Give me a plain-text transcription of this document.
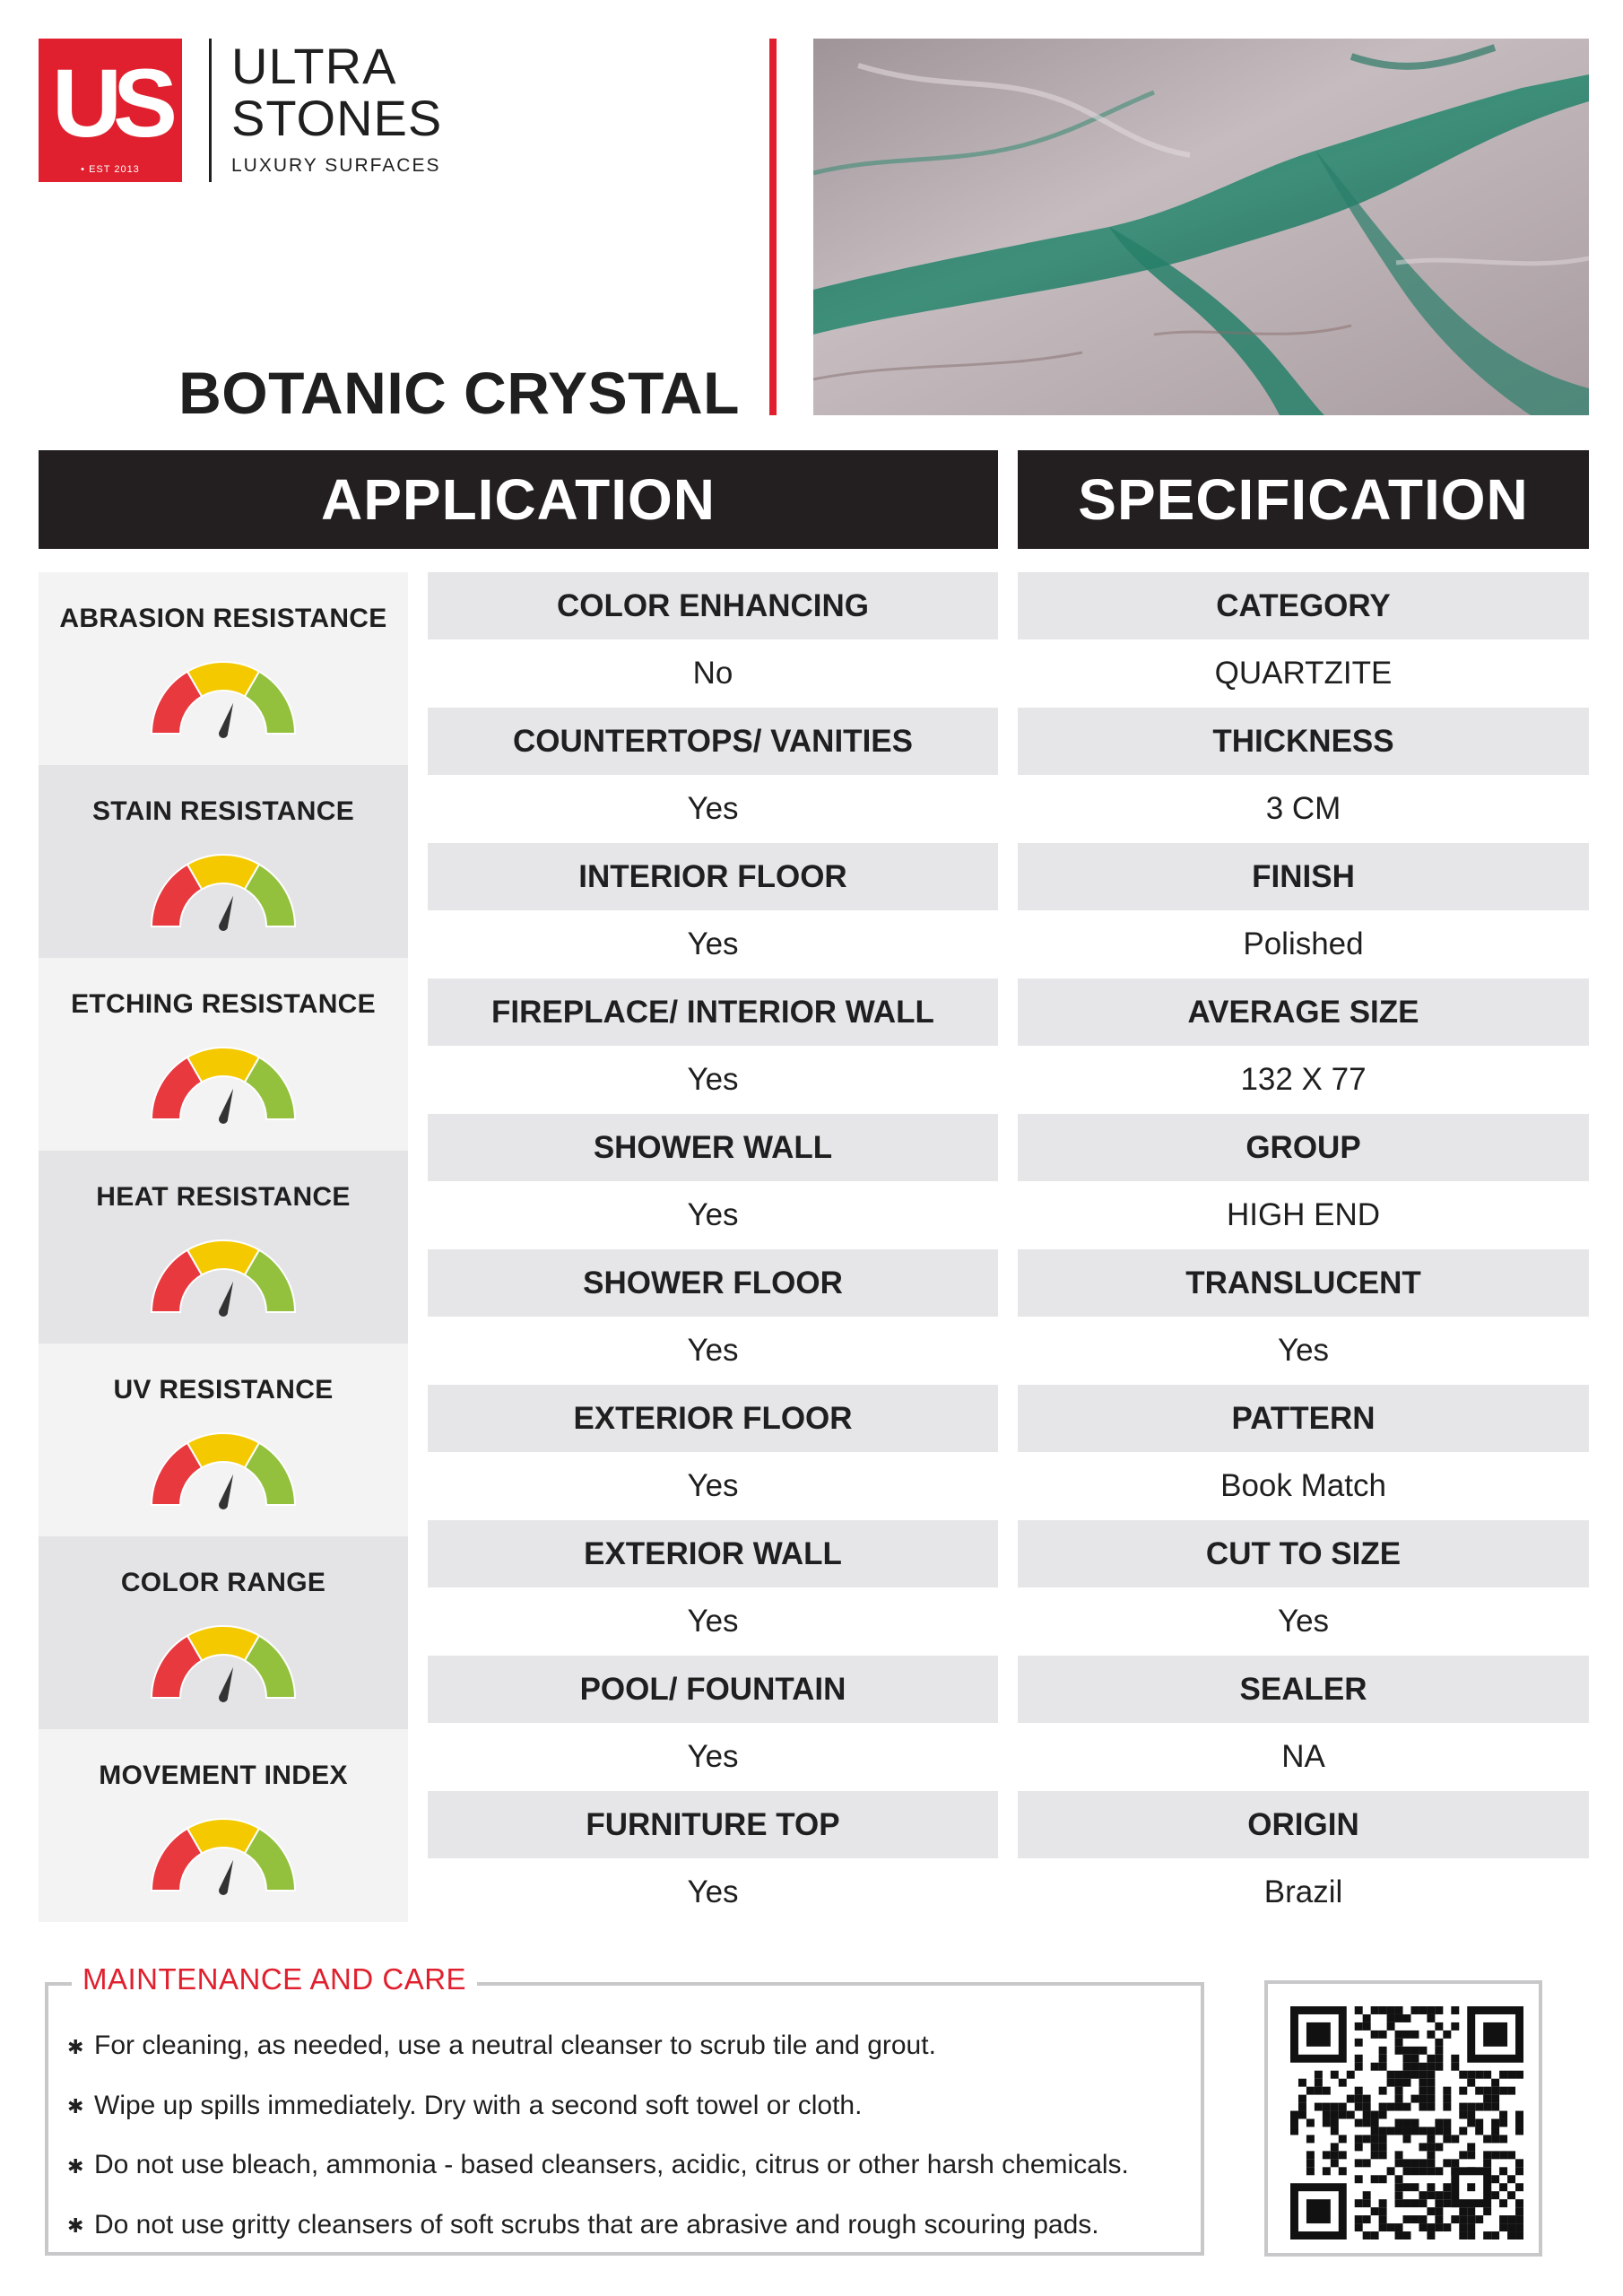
US
• EST 2013
ULTRA
STONES
LUXURY SURFACES
BOTANIC CRYSTAL
APPLICATION	SPECIFICATION
ABRASION RESISTANCE
STAIN RESISTANCE
ETCHING RESISTANCE
HEAT RESISTANCE
UV RESISTANCE
COLOR RANGE
MOVEMENT INDEX
COLOR ENHANCING
No
COUNTERTOPS/ VANITIES
Yes
INTERIOR FLOOR
Yes
FIREPLACE/ INTERIOR WALL
Yes
SHOWER WALL
Yes
SHOWER FLOOR
Yes
EXTERIOR FLOOR
Yes
EXTERIOR WALL
Yes
POOL/ FOUNTAIN
Yes
FURNITURE TOP
Yes
CATEGORY
QUARTZITE
THICKNESS
3 CM
FINISH
Polished
AVERAGE SIZE
132 X 77
GROUP
HIGH END
TRANSLUCENT
Yes
PATTERN
Book Match
CUT TO SIZE
Yes
SEALER
NA
ORIGIN
Brazil
MAINTENANCE AND CARE
✱ For cleaning, as needed, use a neutral cleanser to scrub tile and grout.
✱ Wipe up spills immediately. Dry with a second soft towel or cloth.
✱ Do not use bleach, ammonia - based cleansers, acidic, citrus or other harsh chemicals.
✱ Do not use gritty cleansers of soft scrubs that are abrasive and rough scouring pads.
